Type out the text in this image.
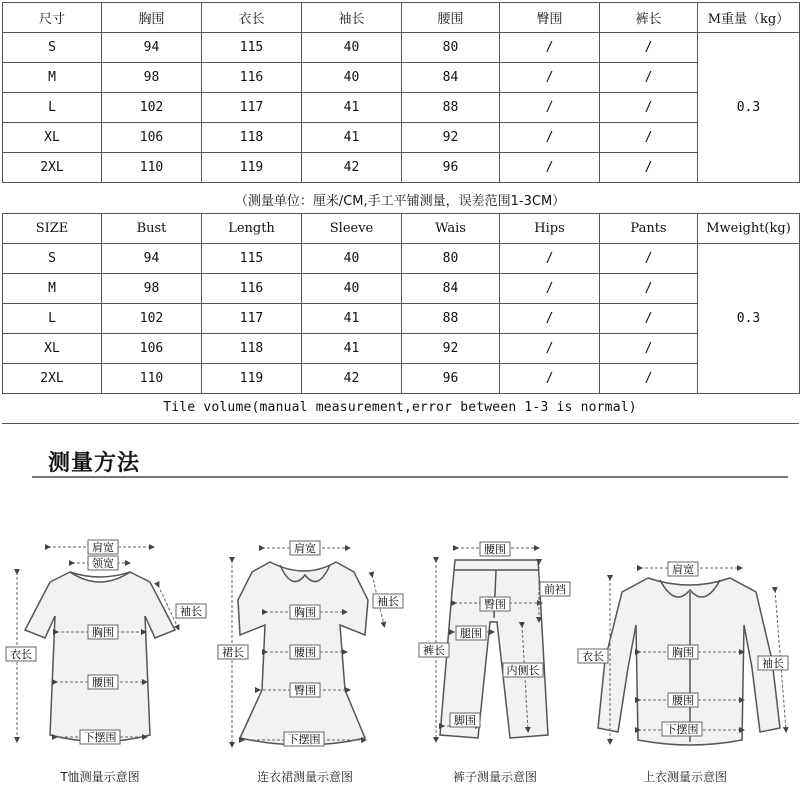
尺寸	胸围	衣长	袖长	腰围	臀围	裤长	M重量（kg）
S	94	115	40	80	/	/	0.3
M	98	116	40	84	/	/	
L	102	117	41	88	/	/	
XL	106	118	41	92	/	/	
2XL	110	119	42	96	/	/	
（测量单位：厘米/CM,手工平铺测量，误差范围1-3CM）
SIZE	Bust	Length	Sleeve	Wais	Hips	Pants	Mweight(kg)
S	94	115	40	80	/	/	0.3
M	98	116	40	84	/	/	
L	102	117	41	88	/	/	
XL	106	118	41	92	/	/	
2XL	110	119	42	96	/	/	
Tile volume(manual measurement,error between 1-3 is normal)
测量方法
肩宽
领宽
袖长
胸围
衣长
腰围
下摆围
肩宽
袖长
胸围
裙长	腰围
臀围
下摆围
腰围
前裆
臀围
腿围
裤长
内侧长
脚围
肩宽
胸围
衣长
袖长
腰围
下摆围
T恤测量示意图	连衣裙测量示意图	裤子测量示意图	上衣测量示意图
